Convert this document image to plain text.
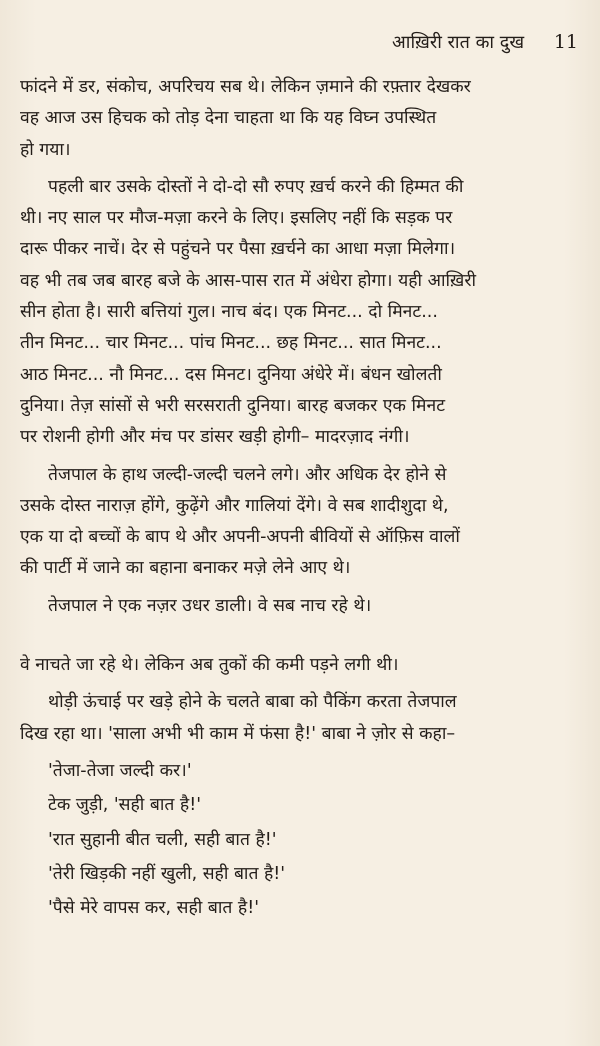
आख़िरी रात का दुख 11
फांदने में डर, संकोच, अपरिचय सब थे। लेकिन ज़माने की रफ़्तार देखकर
वह आज उस हिचक को तोड़ देना चाहता था कि यह विघ्न उपस्थित
हो गया।
पहली बार उसके दोस्तों ने दो-दो सौ रुपए ख़र्च करने की हिम्मत की
थी। नए साल पर मौज-मज़ा करने के लिए। इसलिए नहीं कि सड़क पर
दारू पीकर नाचें। देर से पहुंचने पर पैसा ख़र्चने का आधा मज़ा मिलेगा।
वह भी तब जब बारह बजे के आस-पास रात में अंधेरा होगा। यही आख़िरी
सीन होता है। सारी बत्तियां गुल। नाच बंद। एक मिनट... दो मिनट...
तीन मिनट... चार मिनट... पांच मिनट... छह मिनट... सात मिनट...
आठ मिनट... नौ मिनट... दस मिनट। दुनिया अंधेरे में। बंधन खोलती
दुनिया। तेज़ सांसों से भरी सरसराती दुनिया। बारह बजकर एक मिनट
पर रोशनी होगी और मंच पर डांसर खड़ी होगी– मादरज़ाद नंगी।
तेजपाल के हाथ जल्दी-जल्दी चलने लगे। और अधिक देर होने से
उसके दोस्त नाराज़ होंगे, कुढ़ेंगे और गालियां देंगे। वे सब शादीशुदा थे,
एक या दो बच्चों के बाप थे और अपनी-अपनी बीवियों से ऑफ़िस वालों
की पार्टी में जाने का बहाना बनाकर मज़े लेने आए थे।
तेजपाल ने एक नज़र उधर डाली। वे सब नाच रहे थे।
वे नाचते जा रहे थे। लेकिन अब तुकों की कमी पड़ने लगी थी।
थोड़ी ऊंचाई पर खड़े होने के चलते बाबा को पैकिंग करता तेजपाल
दिख रहा था। 'साला अभी भी काम में फंसा है!' बाबा ने ज़ोर से कहा–
'तेजा-तेजा जल्दी कर।'
टेक जुड़ी, 'सही बात है!'
'रात सुहानी बीत चली, सही बात है!'
'तेरी खिड़की नहीं खुली, सही बात है!'
'पैसे मेरे वापस कर, सही बात है!'
